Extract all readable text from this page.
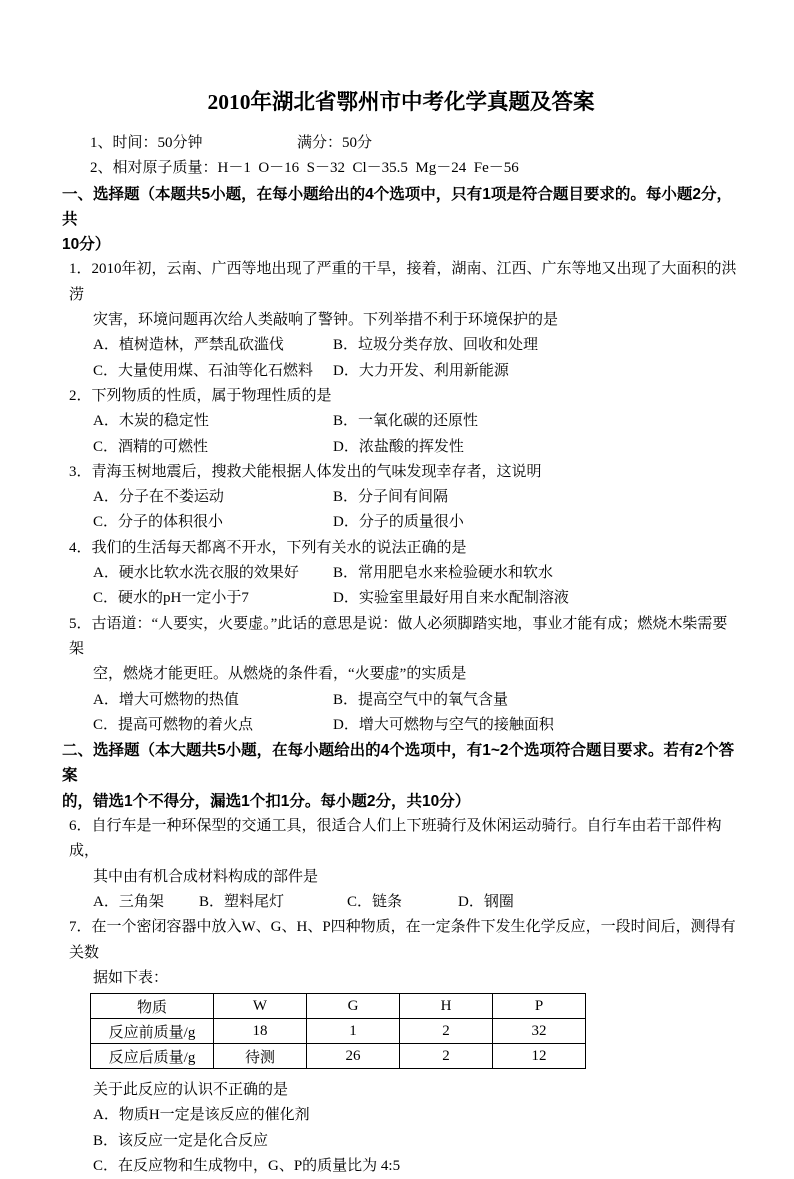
2010年湖北省鄂州市中考化学真题及答案
1、时间：50分钟	满分：50分
2、相对原子质量：H－1  O－16  S－32  Cl－35.5  Mg－24  Fe－56
一、选择题（本题共5小题，在每小题给出的4个选项中，只有1项是符合题目要求的。每小题2分，共
10分）
1．2010年初，云南、广西等地出现了严重的干旱，接着，湖南、江西、广东等地又出现了大面积的洪涝
灾害，环境问题再次给人类敲响了警钟。下列举措不利于环境保护的是
A．植树造林，严禁乱砍滥伐	B．垃圾分类存放、回收和处理
C．大量使用煤、石油等化石燃料 D．大力开发、利用新能源
2．下列物质的性质，属于物理性质的是
A．木炭的稳定性	B．一氧化碳的还原性
C．酒精的可燃性	D．浓盐酸的挥发性
3．青海玉树地震后，搜救犬能根据人体发出的气味发现幸存者，这说明
A．分子在不娄运动	B．分子间有间隔
C．分子的体积很小	D．分子的质量很小
4．我们的生活每天都离不开水，下列有关水的说法正确的是
A．硬水比软水洗衣服的效果好 B．常用肥皂水来检验硬水和软水
C．硬水的pH一定小于7	D．实验室里最好用自来水配制溶液
5．古语道：“人要实，火要虚。”此话的意思是说：做人必须脚踏实地，事业才能有成；燃烧木柴需要架
空，燃烧才能更旺。从燃烧的条件看，“火要虚”的实质是
A．增大可燃物的热值	B．提高空气中的氧气含量
C．提高可燃物的着火点	D．增大可燃物与空气的接触面积
二、选择题（本大题共5小题，在每小题给出的4个选项中，有1~2个选项符合题目要求。若有2个答案
的，错选1个不得分，漏选1个扣1分。每小题2分，共10分）
6．自行车是一种环保型的交通工具，很适合人们上下班骑行及休闲运动骑行。自行车由若干部件构成，
其中由有机合成材料构成的部件是
A．三角架 B．塑料尾灯	C．链条	D．钢圈
7．在一个密闭容器中放入W、G、H、P四种物质，在一定条件下发生化学反应，一段时间后，测得有关数
据如下表：
物质	W	G	H	P
反应前质量/g	18	1	2	32
反应后质量/g	待测	26	2	12
关于此反应的认识不正确的是
A．物质H一定是该反应的催化剂
B．该反应一定是化合反应
C．在反应物和生成物中，G、P的质量比为 4:5
